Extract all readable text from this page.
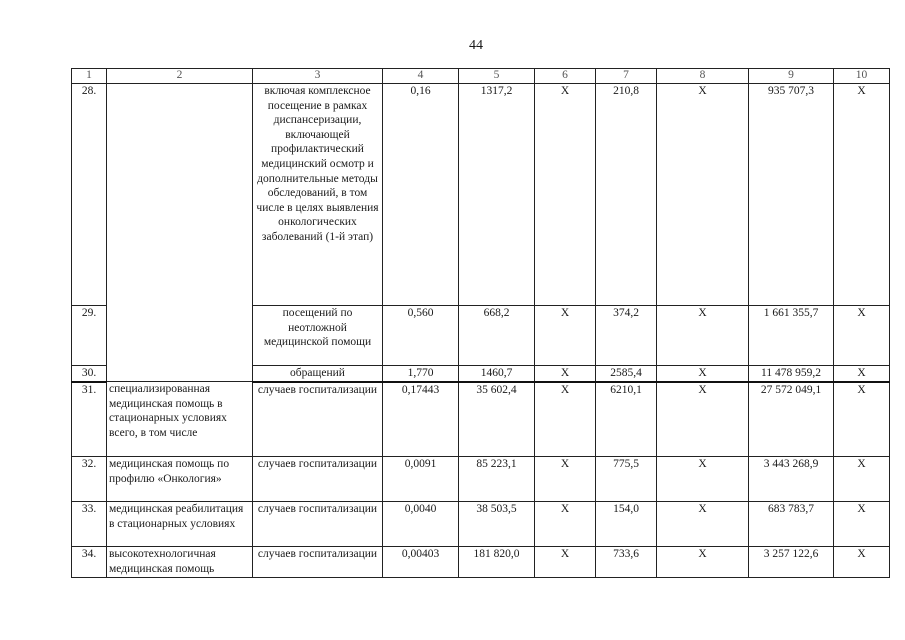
44
1	2	3	4	5	6	7	8	9	10
28.		включая комплексное посещение в рамках диспансеризации, включающей профилактический медицинский осмотр и дополнительные методы обследований, в том числе в целях выявления онкологических заболеваний (1-й этап)	0,16	1317,2	Х	210,8	Х	935 707,3	Х
29.		посещений по неотложной медицинской помощи	0,560	668,2	Х	374,2	Х	1 661 355,7	Х
30.		обращений	1,770	1460,7	Х	2585,4	Х	11 478 959,2	Х
31.	специализированная медицинская помощь в стационарных условиях всего, в том числе	случаев госпитализации	0,17443	35 602,4	Х	6210,1	Х	27 572 049,1	Х
32.	медицинская помощь по профилю «Онкология»	случаев госпитализации	0,0091	85 223,1	Х	775,5	Х	3 443 268,9	Х
33.	медицинская реабилитация в стационарных условиях	случаев госпитализации	0,0040	38 503,5	Х	154,0	Х	683 783,7	Х
34.	высокотехнологичная медицинская помощь	случаев госпитализации	0,00403	181 820,0	Х	733,6	Х	3 257 122,6	Х
